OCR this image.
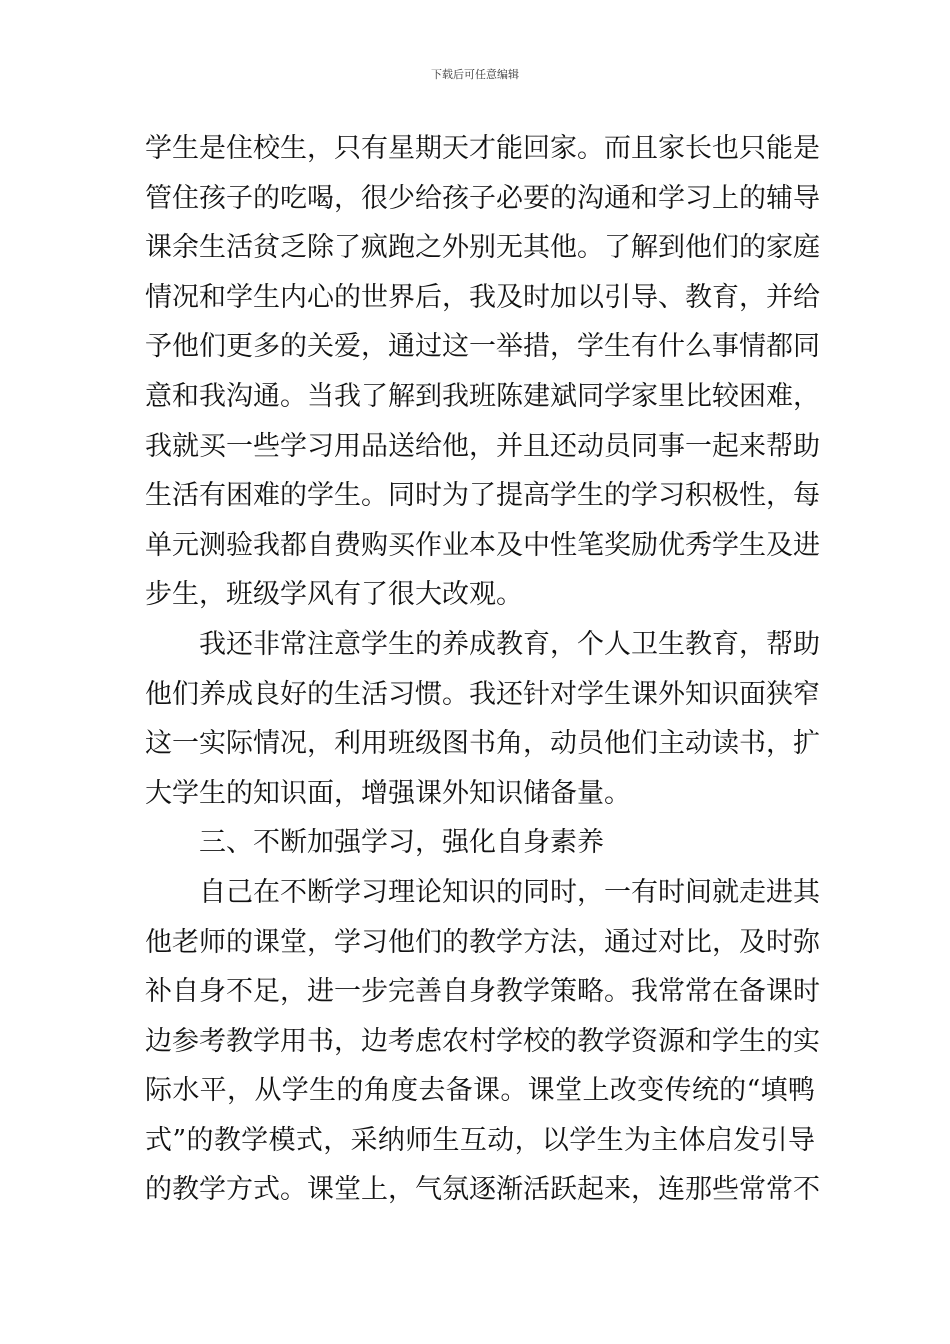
下载后可任意编辑
学生是住校生，只有星期天才能回家。而且家长也只能是
管住孩子的吃喝，很少给孩子必要的沟通和学习上的辅导
课余生活贫乏除了疯跑之外别无其他。了解到他们的家庭
情况和学生内心的世界后，我及时加以引导、教育，并给
予他们更多的关爱，通过这一举措，学生有什么事情都同
意和我沟通。当我了解到我班陈建斌同学家里比较困难，
我就买一些学习用品送给他，并且还动员同事一起来帮助
生活有困难的学生。同时为了提高学生的学习积极性，每
单元测验我都自费购买作业本及中性笔奖励优秀学生及进
步生，班级学风有了很大改观。
我还非常注意学生的养成教育，个人卫生教育，帮助
他们养成良好的生活习惯。我还针对学生课外知识面狭窄
这一实际情况，利用班级图书角，动员他们主动读书，扩
大学生的知识面，增强课外知识储备量。
三、不断加强学习，强化自身素养
自己在不断学习理论知识的同时，一有时间就走进其
他老师的课堂，学习他们的教学方法，通过对比，及时弥
补自身不足，进一步完善自身教学策略。我常常在备课时
边参考教学用书，边考虑农村学校的教学资源和学生的实
际水平，从学生的角度去备课。课堂上改变传统的“填鸭
式”的教学模式，采纳师生互动，以学生为主体启发引导
的教学方式。课堂上，气氛逐渐活跃起来，连那些常常不
